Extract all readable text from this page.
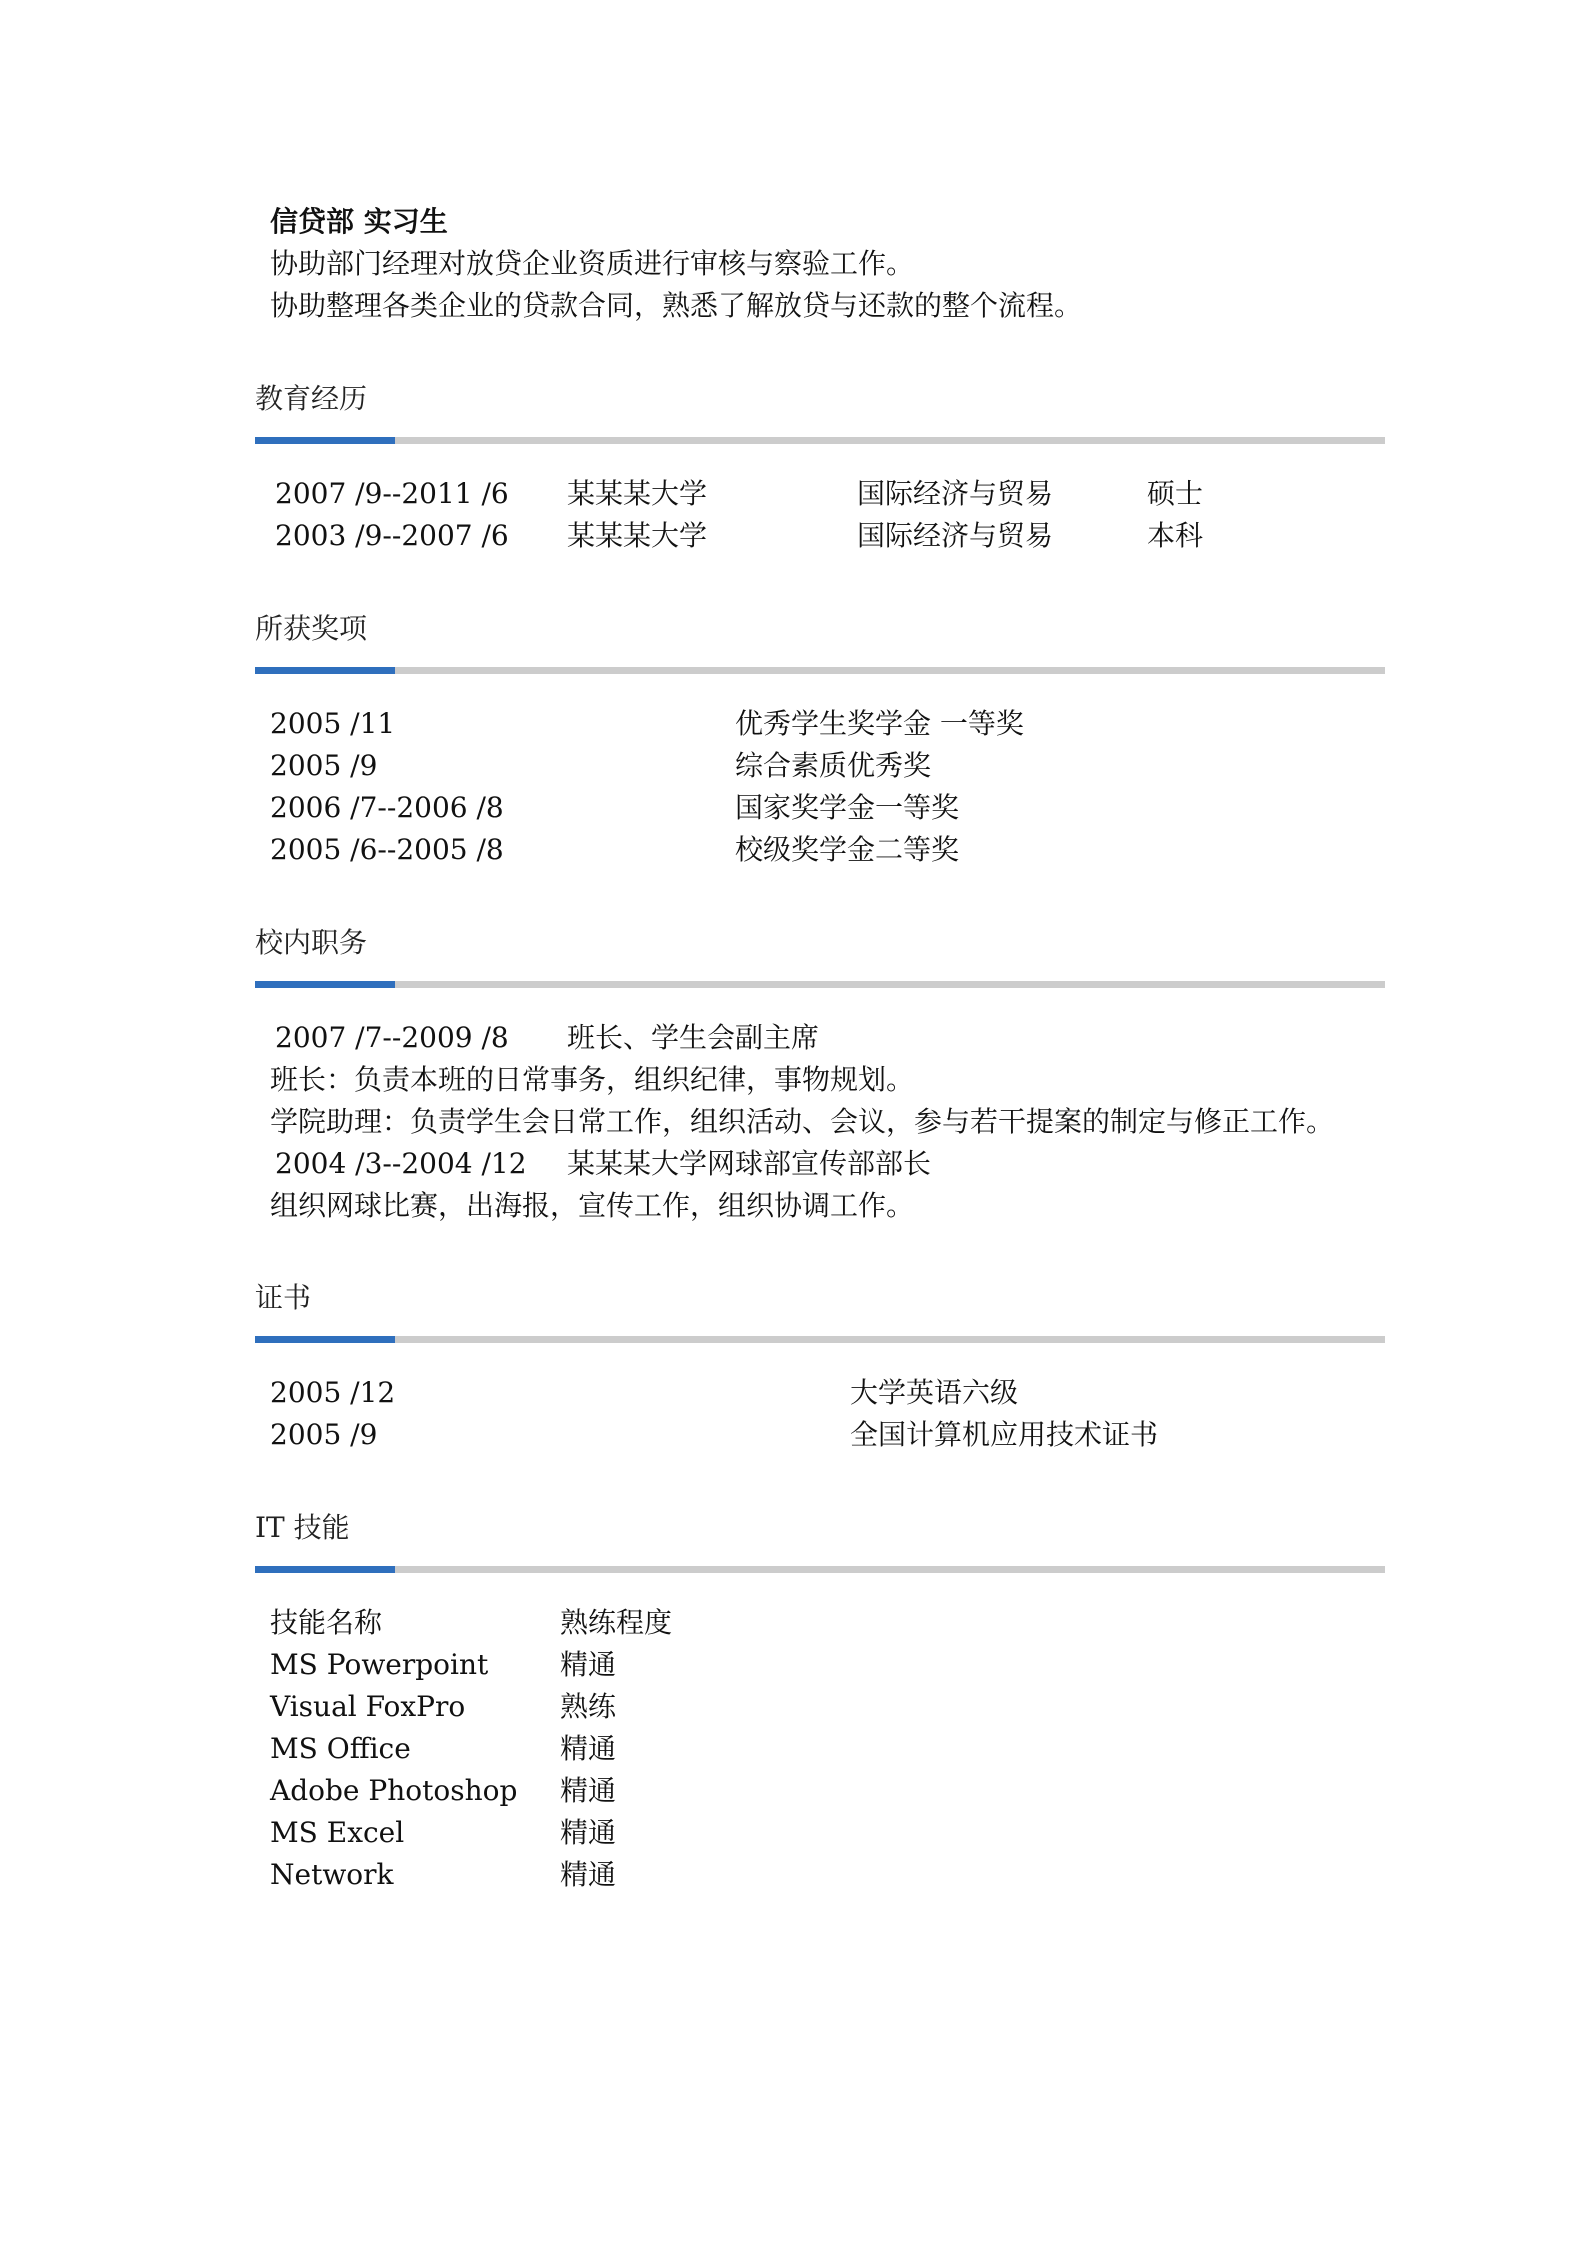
信贷部 实习生
协助部门经理对放贷企业资质进行审核与察验工作。
协助整理各类企业的贷款合同，熟悉了解放贷与还款的整个流程。
教育经历
2007 /9--2011 /6 某某某大学	国际经济与贸易	硕士
2003 /9--2007 /6 某某某大学	国际经济与贸易	本科
所获奖项
2005 /11	优秀学生奖学金 一等奖
2005 /9	综合素质优秀奖
2006 /7--2006 /8	国家奖学金一等奖
2005 /6--2005 /8	校级奖学金二等奖
校内职务
2007 /7--2009 /8 班长、学生会副主席
班长：负责本班的日常事务，组织纪律，事物规划。
学院助理：负责学生会日常工作，组织活动、会议，参与若干提案的制定与修正工作。
2004 /3--2004 /12 某某某大学网球部宣传部部长
组织网球比赛，出海报，宣传工作，组织协调工作。
证书
2005 /12	大学英语六级
2005 /9	全国计算机应用技术证书
IT 技能
技能名称	熟练程度
MS Powerpoint	精通
Visual FoxPro	熟练
MS Office	精通
Adobe Photoshop 精通
MS Excel	精通
Network	精通
